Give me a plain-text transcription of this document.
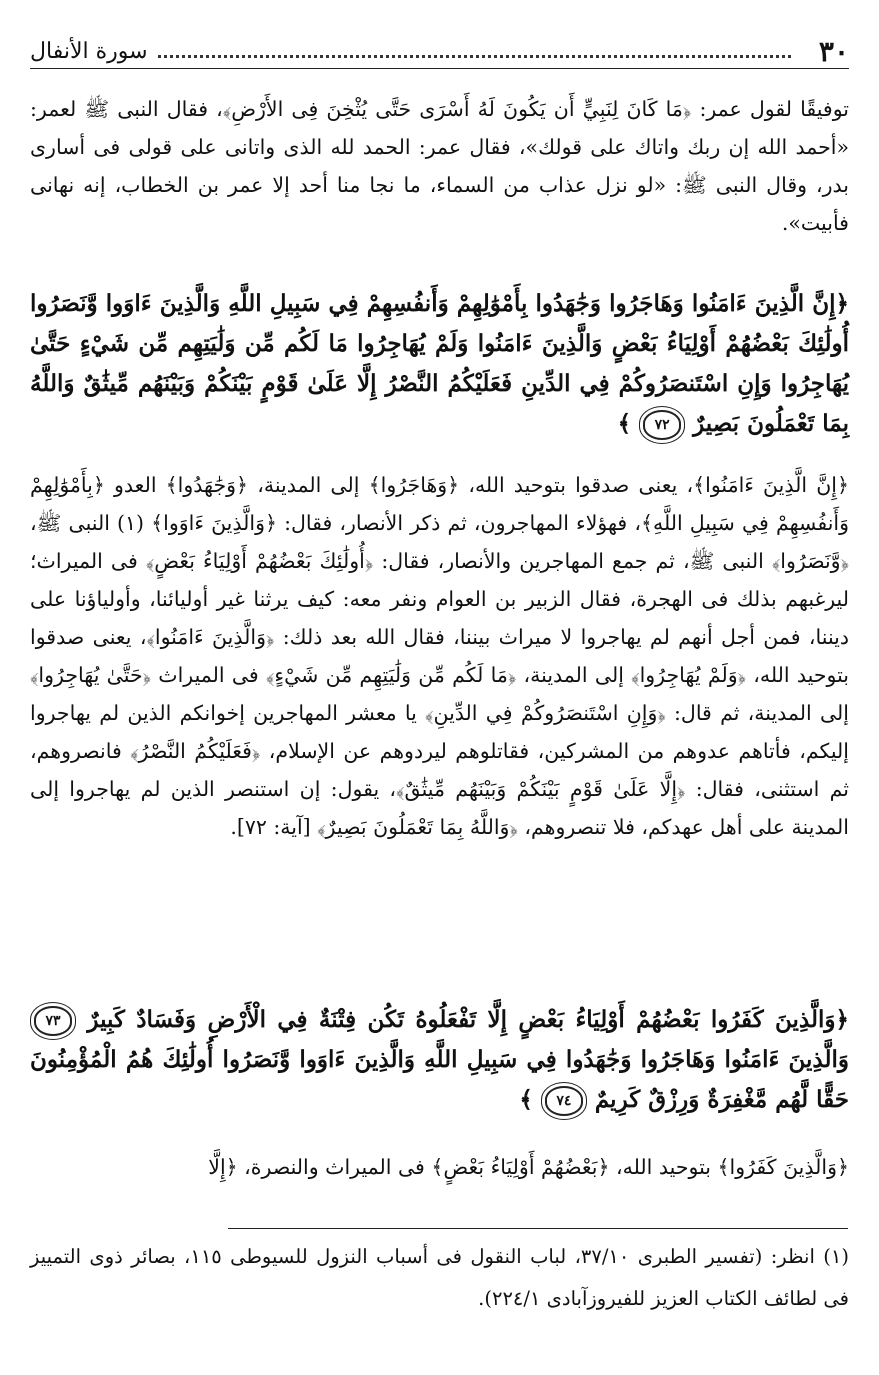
٣٠
سورة الأنفال

توفيقًا لقول عمر: ﴿مَا كَانَ لِنَبِيٍّ أَن يَكُونَ لَهُ أَسْرَى حَتَّى يُثْخِنَ فِى الأَرْضِ﴾، فقال النبى ﷺ لعمر: «أحمد الله إن ربك واتاك على قولك»، فقال عمر: الحمد لله الذى واتانى على قولى فى أسارى بدر، وقال النبى ﷺ: «لو نزل عذاب من السماء، ما نجا منا أحد إلا عمر بن الخطاب، إنه نهانى فأبيت».

﴿إِنَّ الَّذِينَ ءَامَنُوا وَهَاجَرُوا وَجَٰهَدُوا بِأَمْوَٰلِهِمْ وَأَنفُسِهِمْ فِي سَبِيلِ اللَّهِ وَالَّذِينَ ءَاوَوا وَّنَصَرُوا أُولَٰئِكَ بَعْضُهُمْ أَوْلِيَاءُ بَعْضٍ وَالَّذِينَ ءَامَنُوا وَلَمْ يُهَاجِرُوا مَا لَكُم مِّن وَلَٰيَتِهِم مِّن شَيْءٍ حَتَّىٰ يُهَاجِرُوا وَإِنِ اسْتَنصَرُوكُمْ فِي الدِّينِ فَعَلَيْكُمُ النَّصْرُ إِلَّا عَلَىٰ قَوْمٍ بَيْنَكُمْ وَبَيْنَهُم مِّيثَٰقٌ وَاللَّهُ بِمَا تَعْمَلُونَ بَصِيرٌ ٧٢ ﴾

﴿إِنَّ الَّذِينَ ءَامَنُوا﴾، يعنى صدقوا بتوحيد الله، ﴿وَهَاجَرُوا﴾ إلى المدينة، ﴿وَجَٰهَدُوا﴾ العدو ﴿بِأَمْوَٰلِهِمْ وَأَنفُسِهِمْ فِي سَبِيلِ اللَّهِ﴾، فهؤلاء المهاجرون، ثم ذكر الأنصار، فقال: ﴿وَالَّذِينَ ءَاوَوا﴾ (١) النبى ﷺ، ﴿وَّنَصَرُوا﴾ النبى ﷺ، ثم جمع المهاجرين والأنصار، فقال: ﴿أُولَٰئِكَ بَعْضُهُمْ أَوْلِيَاءُ بَعْضٍ﴾ فى الميراث؛ ليرغبهم بذلك فى الهجرة، فقال الزبير بن العوام ونفر معه: كيف يرثنا غير أوليائنا، وأولياؤنا على ديننا، فمن أجل أنهم لم يهاجروا لا ميراث بيننا، فقال الله بعد ذلك: ﴿وَالَّذِينَ ءَامَنُوا﴾، يعنى صدقوا بتوحيد الله، ﴿وَلَمْ يُهَاجِرُوا﴾ إلى المدينة، ﴿مَا لَكُم مِّن وَلَٰيَتِهِم مِّن شَيْءٍ﴾ فى الميراث ﴿حَتَّىٰ يُهَاجِرُوا﴾ إلى المدينة، ثم قال: ﴿وَإِنِ اسْتَنصَرُوكُمْ فِي الدِّينِ﴾ يا معشر المهاجرين إخوانكم الذين لم يهاجروا إليكم، فأتاهم عدوهم من المشركين، فقاتلوهم ليردوهم عن الإسلام، ﴿فَعَلَيْكُمُ النَّصْرُ﴾ فانصروهم، ثم استثنى، فقال: ﴿إِلَّا عَلَىٰ قَوْمٍ بَيْنَكُمْ وَبَيْنَهُم مِّيثَٰقٌ﴾، يقول: إن استنصر الذين لم يهاجروا إلى المدينة على أهل عهدكم، فلا تنصروهم، ﴿وَاللَّهُ بِمَا تَعْمَلُونَ بَصِيرٌ﴾ [آية: ٧٢].

﴿وَالَّذِينَ كَفَرُوا بَعْضُهُمْ أَوْلِيَاءُ بَعْضٍ إِلَّا تَفْعَلُوهُ تَكُن فِتْنَةٌ فِي الْأَرْضِ وَفَسَادٌ كَبِيرٌ ٧٣ وَالَّذِينَ ءَامَنُوا وَهَاجَرُوا وَجَٰهَدُوا فِي سَبِيلِ اللَّهِ وَالَّذِينَ ءَاوَوا وَّنَصَرُوا أُولَٰئِكَ هُمُ الْمُؤْمِنُونَ حَقًّا لَّهُم مَّغْفِرَةٌ وَرِزْقٌ كَرِيمٌ ٧٤ ﴾

﴿وَالَّذِينَ كَفَرُوا﴾ بتوحيد الله، ﴿بَعْضُهُمْ أَوْلِيَاءُ بَعْضٍ﴾ فى الميراث والنصرة، ﴿إِلَّا

(١) انظر: (تفسير الطبرى ٣٧/١٠، لباب النقول فى أسباب النزول للسيوطى ١١٥، بصائر ذوى التمييز فى لطائف الكتاب العزيز للفيروزآبادى ٢٢٤/١).
